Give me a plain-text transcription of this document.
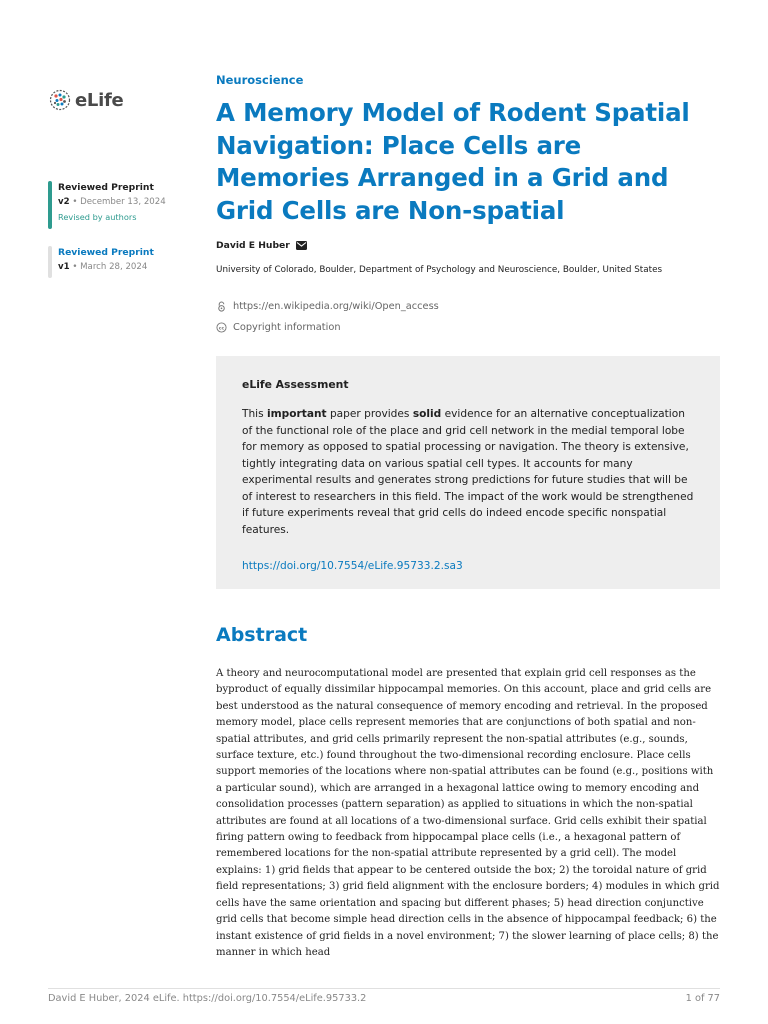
eLife
Reviewed Preprint
v2 • December 13, 2024
Revised by authors
Reviewed Preprint
v1 • March 28, 2024
Neuroscience
A Memory Model of Rodent Spatial Navigation: Place Cells are Memories Arranged in a Grid and Grid Cells are Non-spatial
David E Huber
University of Colorado, Boulder, Department of Psychology and Neuroscience, Boulder, United States
https://en.wikipedia.org/wiki/Open_access
cc Copyright information
eLife Assessment

This important paper provides solid evidence for an alternative conceptualization of the functional role of the place and grid cell network in the medial temporal lobe for memory as opposed to spatial processing or navigation. The theory is extensive, tightly integrating data on various spatial cell types. It accounts for many experimental results and generates strong predictions for future studies that will be of interest to researchers in this field. The impact of the work would be strengthened if future experiments reveal that grid cells do indeed encode specific nonspatial features.

https://doi.org/10.7554/eLife.95733.2.sa3
Abstract

A theory and neurocomputational model are presented that explain grid cell responses as the byproduct of equally dissimilar hippocampal memories. On this account, place and grid cells are best understood as the natural consequence of memory encoding and retrieval. In the proposed memory model, place cells represent memories that are conjunctions of both spatial and non-spatial attributes, and grid cells primarily represent the non-spatial attributes (e.g., sounds, surface texture, etc.) found throughout the two-dimensional recording enclosure. Place cells support memories of the locations where non-spatial attributes can be found (e.g., positions with a particular sound), which are arranged in a hexagonal lattice owing to memory encoding and consolidation processes (pattern separation) as applied to situations in which the non-spatial attributes are found at all locations of a two-dimensional surface. Grid cells exhibit their spatial firing pattern owing to feedback from hippocampal place cells (i.e., a hexagonal pattern of remembered locations for the non-spatial attribute represented by a grid cell). The model explains: 1) grid fields that appear to be centered outside the box; 2) the toroidal nature of grid field representations; 3) grid field alignment with the enclosure borders; 4) modules in which grid cells have the same orientation and spacing but different phases; 5) head direction conjunctive grid cells that become simple head direction cells in the absence of hippocampal feedback; 6) the instant existence of grid fields in a novel environment; 7) the slower learning of place cells; 8) the manner in which head

David E Huber, 2024 eLife. https://doi.org/10.7554/eLife.95733.2	1 of 77
